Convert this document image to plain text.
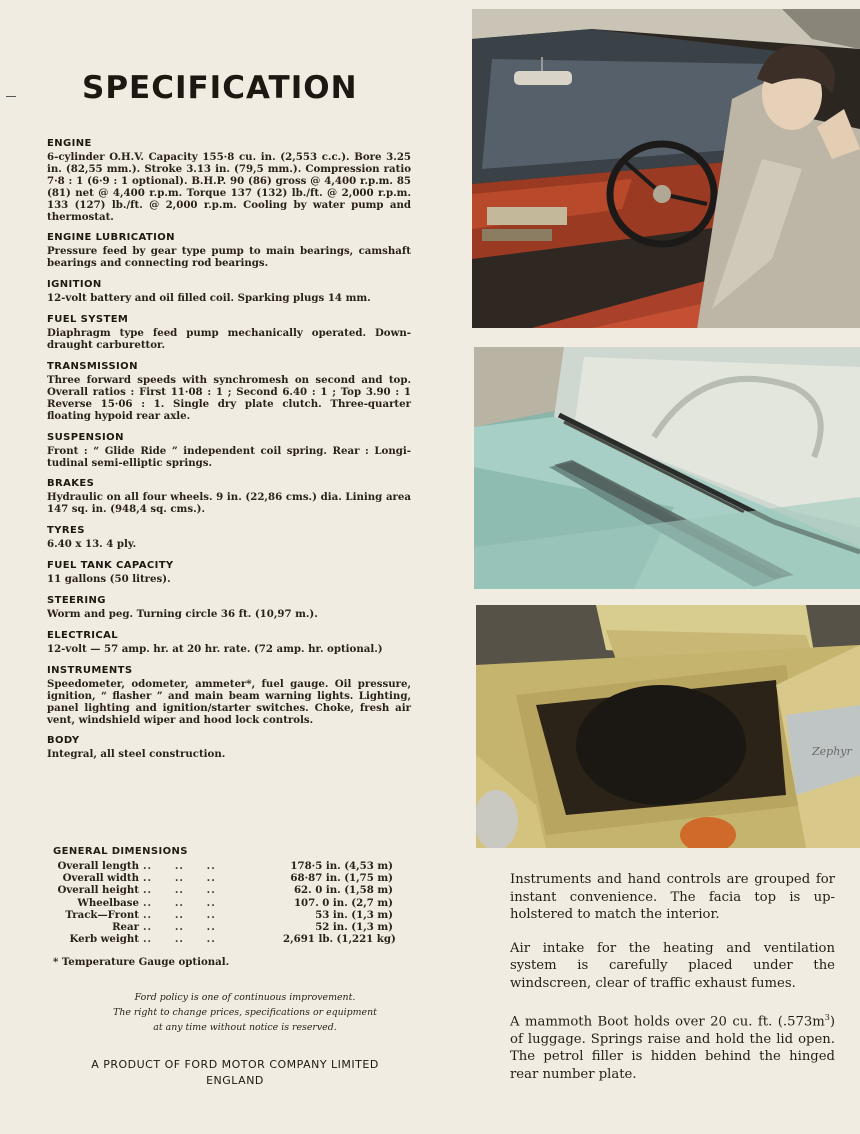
SPECIFICATION
ENGINE

6-cylinder O.H.V. Capacity 155·8 cu. in. (2,553 c.c.). Bore 3.25 in. (82,55 mm.). Stroke 3.13 in. (79,5 mm.). Compression ratio 7·8 : 1 (6·9 : 1 optional). B.H.P. 90 (86) gross @ 4,400 r.p.m. 85 (81) net @ 4,400 r.p.m. Torque 137 (132) lb./ft. @ 2,000 r.p.m. 133 (127) lb./ft. @ 2,000 r.p.m. Cooling by water pump and thermostat.

ENGINE LUBRICATION

Pressure feed by gear type pump to main bearings, camshaft bearings and connecting rod bearings.

IGNITION

12-volt battery and oil filled coil. Sparking plugs 14 mm.

FUEL SYSTEM

Diaphragm type feed pump mechanically operated. Down-draught carburettor.

TRANSMISSION

Three forward speeds with synchromesh on second and top. Overall ratios : First 11·08 : 1 ; Second 6.40 : 1 ; Top 3.90 : 1 Reverse 15·06 : 1. Single dry plate clutch. Three-quarter floating hypoid rear axle.

SUSPENSION

Front : “ Glide Ride ” independent coil spring. Rear : Longi-tudinal semi-elliptic springs.

BRAKES

Hydraulic on all four wheels. 9 in. (22,86 cms.) dia. Lining area 147 sq. in. (948,4 sq. cms.).

TYRES

6.40 x 13. 4 ply.

FUEL TANK CAPACITY

11 gallons (50 litres).

STEERING

Worm and peg. Turning circle 36 ft. (10,97 m.).

ELECTRICAL

12-volt — 57 amp. hr. at 20 hr. rate. (72 amp. hr. optional.)

INSTRUMENTS

Speedometer, odometer, ammeter*, fuel gauge. Oil pressure, ignition, “ flasher ” and main beam warning lights. Lighting, panel lighting and ignition/starter switches. Choke, fresh air vent, windshield wiper and hood lock controls.

BODY

Integral, all steel construction.

GENERAL DIMENSIONS
Overall length ..     ..     ..	178·5 in. (4,53 m)
Overall width ..     ..     ..	68·87 in. (1,75 m)
Overall height ..     ..     ..	62. 0 in. (1,58 m)
Wheelbase ..     ..     ..	107. 0 in. (2,7 m)
Track—Front ..     ..     ..	53 in. (1,3 m)
Rear ..     ..     ..	52 in. (1,3 m)
Kerb weight ..     ..     ..	2,691 lb. (1,221 kg)
* Temperature Gauge optional.
Ford policy is one of continuous improvement.
The right to change prices, specifications or equipment
at any time without notice is reserved.
A PRODUCT OF FORD MOTOR COMPANY LIMITED
ENGLAND
Zephyr

Instruments and hand controls are grouped for instant convenience. The facia top is up-holstered to match the interior.

Air intake for the heating and ventilation system is carefully placed under the windscreen, clear of traffic exhaust fumes.

A mammoth Boot holds over 20 cu. ft. $(.573m^3)$ of luggage. Springs raise and hold the lid open. The petrol filler is hidden behind the hinged rear number plate.
